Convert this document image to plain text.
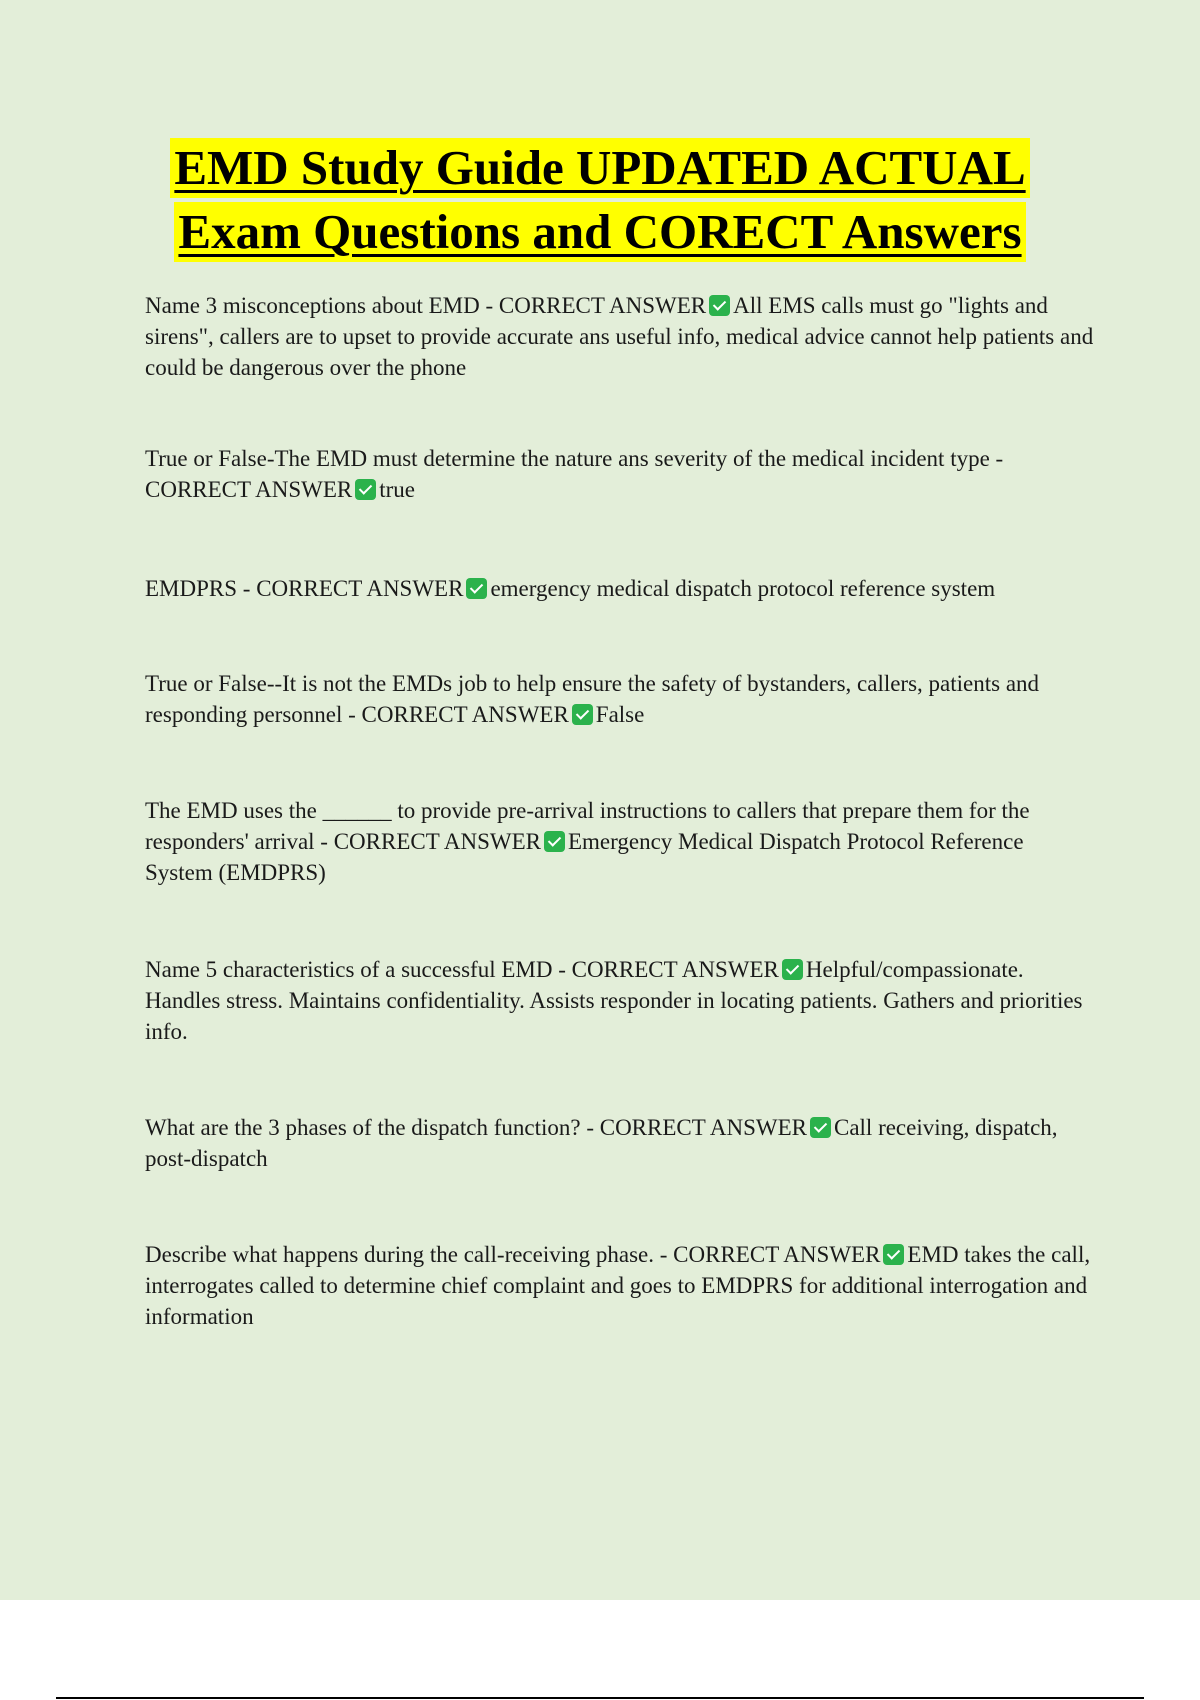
EMD Study Guide UPDATED ACTUAL
Exam Questions and CORECT Answers
Name 3 misconceptions about EMD - CORRECT ANSWER All EMS calls must go "lights and sirens", callers are to upset to provide accurate ans useful info, medical advice cannot help patients and could be dangerous over the phone
True or False-The EMD must determine the nature ans severity of the medical incident type - CORRECT ANSWER true
EMDPRS - CORRECT ANSWER emergency medical dispatch protocol reference system
True or False--It is not the EMDs job to help ensure the safety of bystanders, callers, patients and responding personnel - CORRECT ANSWER False
The EMD uses the ______ to provide pre-arrival instructions to callers that prepare them for the responders' arrival - CORRECT ANSWER Emergency Medical Dispatch Protocol Reference System (EMDPRS)
Name 5 characteristics of a successful EMD - CORRECT ANSWER Helpful/compassionate. Handles stress. Maintains confidentiality. Assists responder in locating patients. Gathers and priorities info.
What are the 3 phases of the dispatch function? - CORRECT ANSWER Call receiving, dispatch, post-dispatch
Describe what happens during the call-receiving phase. - CORRECT ANSWER EMD takes the call, interrogates called to determine chief complaint and goes to EMDPRS for additional interrogation and information
